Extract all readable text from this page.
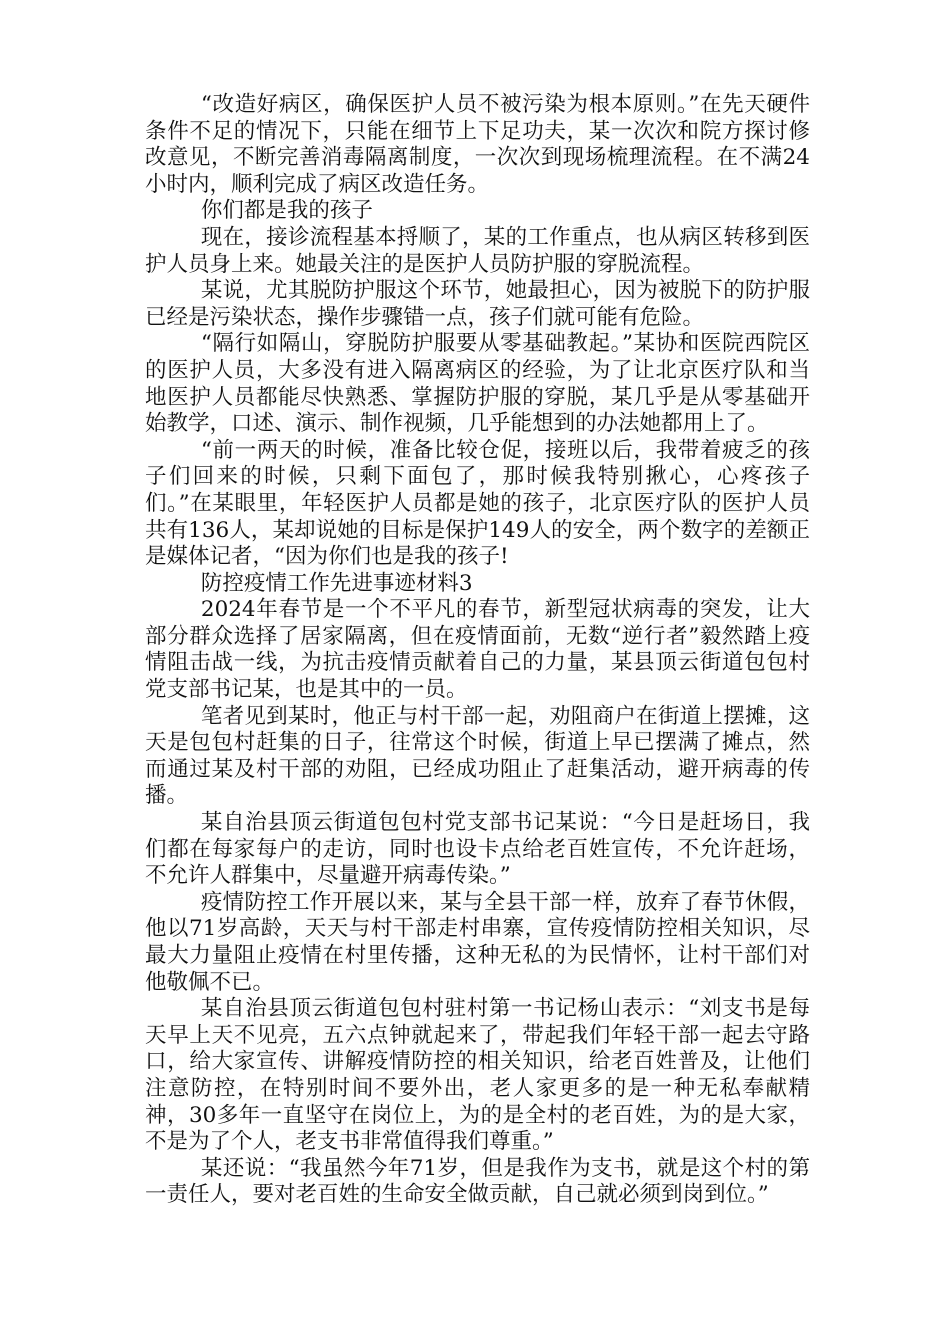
“改造好病区，确保医护人员不被污染为根本原则。”在先天硬件条件不足的情况下，只能在细节上下足功夫，某一次次和院方探讨修改意见，不断完善消毒隔离制度，一次次到现场梳理流程。在不满24小时内，顺利完成了病区改造任务。

你们都是我的孩子

现在，接诊流程基本捋顺了，某的工作重点，也从病区转移到医护人员身上来。她最关注的是医护人员防护服的穿脱流程。

某说，尤其脱防护服这个环节，她最担心，因为被脱下的防护服已经是污染状态，操作步骤错一点，孩子们就可能有危险。

“隔行如隔山，穿脱防护服要从零基础教起。”某协和医院西院区的医护人员，大多没有进入隔离病区的经验，为了让北京医疗队和当地医护人员都能尽快熟悉、掌握防护服的穿脱，某几乎是从零基础开始教学，口述、演示、制作视频，几乎能想到的办法她都用上了。

“前一两天的时候，准备比较仓促，接班以后，我带着疲乏的孩子们回来的时候，只剩下面包了，那时候我特别揪心，心疼孩子们。”在某眼里，年轻医护人员都是她的孩子，北京医疗队的医护人员共有136人，某却说她的目标是保护149人的安全，两个数字的差额正是媒体记者，“因为你们也是我的孩子!

防控疫情工作先进事迹材料3

2024年春节是一个不平凡的春节，新型冠状病毒的突发，让大部分群众选择了居家隔离，但在疫情面前，无数“逆行者”毅然踏上疫情阻击战一线，为抗击疫情贡献着自己的力量，某县顶云街道包包村党支部书记某，也是其中的一员。

笔者见到某时，他正与村干部一起，劝阻商户在街道上摆摊，这天是包包村赶集的日子，往常这个时候，街道上早已摆满了摊点，然而通过某及村干部的劝阻，已经成功阻止了赶集活动，避开病毒的传播。

某自治县顶云街道包包村党支部书记某说：“今日是赶场日，我们都在每家每户的走访，同时也设卡点给老百姓宣传，不允许赶场，不允许人群集中，尽量避开病毒传染。”

疫情防控工作开展以来，某与全县干部一样，放弃了春节休假，他以71岁高龄，天天与村干部走村串寨，宣传疫情防控相关知识，尽最大力量阻止疫情在村里传播，这种无私的为民情怀，让村干部们对他敬佩不已。

某自治县顶云街道包包村驻村第一书记杨山表示：“刘支书是每天早上天不见亮，五六点钟就起来了，带起我们年轻干部一起去守路口，给大家宣传、讲解疫情防控的相关知识，给老百姓普及，让他们注意防控，在特别时间不要外出，老人家更多的是一种无私奉献精神，30多年一直坚守在岗位上，为的是全村的老百姓，为的是大家，不是为了个人，老支书非常值得我们尊重。”

某还说：“我虽然今年71岁，但是我作为支书，就是这个村的第一责任人，要对老百姓的生命安全做贡献，自己就必须到岗到位。”
